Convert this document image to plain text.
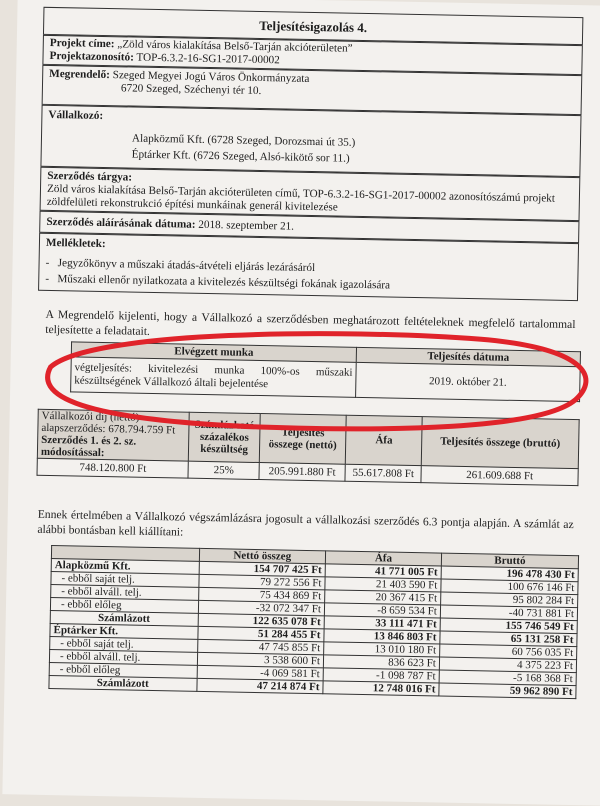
Teljesítésigazolás 4.
Projekt címe: „Zöld város kialakítása Belső-Tarján akcióterületen”
Projektazonosító: TOP-6.3.2-16-SG1-2017-00002
Megrendelő: Szeged Megyei Jogú Város Önkormányzata
6720 Szeged, Széchenyi tér 10.
Vállalkozó:
Alapközmű Kft. (6728 Szeged, Dorozsmai út 35.)
Éptárker Kft. (6726 Szeged, Alsó-kikötő sor 11.)
Szerződés tárgya:
Zöld város kialakítása Belső-Tarján akcióterületen című, TOP-6.3.2-16-SG1-2017-00002 azonosítószámú projekt zöldfelületi rekonstrukció építési munkáinak generál kivitelezése
Szerződés aláírásának dátuma: 2018. szeptember 21.
Mellékletek:
-   Jegyzőkönyv a műszaki átadás-átvételi eljárás lezárásáról
-   Műszaki ellenőr nyilatkozata a kivitelezés készültségi fokának igazolására
A Megrendelő kijelenti, hogy a Vállalkozó a szerződésben meghatározott feltételeknek megfelelő tartalommal teljesítette a feladatait.
Elvégzett munka	Teljesítés dátuma
végteljesítés: kivitelezési munka 100%-os műszaki készültségének Vállalkozó általi bejelentése	2019. október 21.
Vállalkozói díj (nettó) alapszerződés: 678.794.759 Ft
Szerződés 1. és 2. sz. módosítással:	Számlázható százalékos készültség	Teljesítés összege (nettó)	Áfa	Teljesítés összege (bruttó)
748.120.800 Ft	25%	205.991.880 Ft	55.617.808 Ft	261.609.688 Ft
Ennek értelmében a Vállalkozó végszámlázásra jogosult a vállalkozási szerződés 6.3 pontja alapján. A számlát az alábbi bontásban kell kiállítani:
	Nettó összeg	Áfa	Bruttó
Alapközmű Kft.	154 707 425 Ft	41 771 005 Ft	196 478 430 Ft
- ebből saját telj.	79 272 556 Ft	21 403 590 Ft	100 676 146 Ft
- ebből alváll. telj.	75 434 869 Ft	20 367 415 Ft	95 802 284 Ft
- ebből előleg	-32 072 347 Ft	-8 659 534 Ft	-40 731 881 Ft
Számlázott	122 635 078 Ft	33 111 471 Ft	155 746 549 Ft
Éptárker Kft.	51 284 455 Ft	13 846 803 Ft	65 131 258 Ft
- ebből saját telj.	47 745 855 Ft	13 010 180 Ft	60 756 035 Ft
- ebből alváll. telj.	3 538 600 Ft	836 623 Ft	4 375 223 Ft
- ebből előleg	-4 069 581 Ft	-1 098 787 Ft	-5 168 368 Ft
Számlázott	47 214 874 Ft	12 748 016 Ft	59 962 890 Ft
